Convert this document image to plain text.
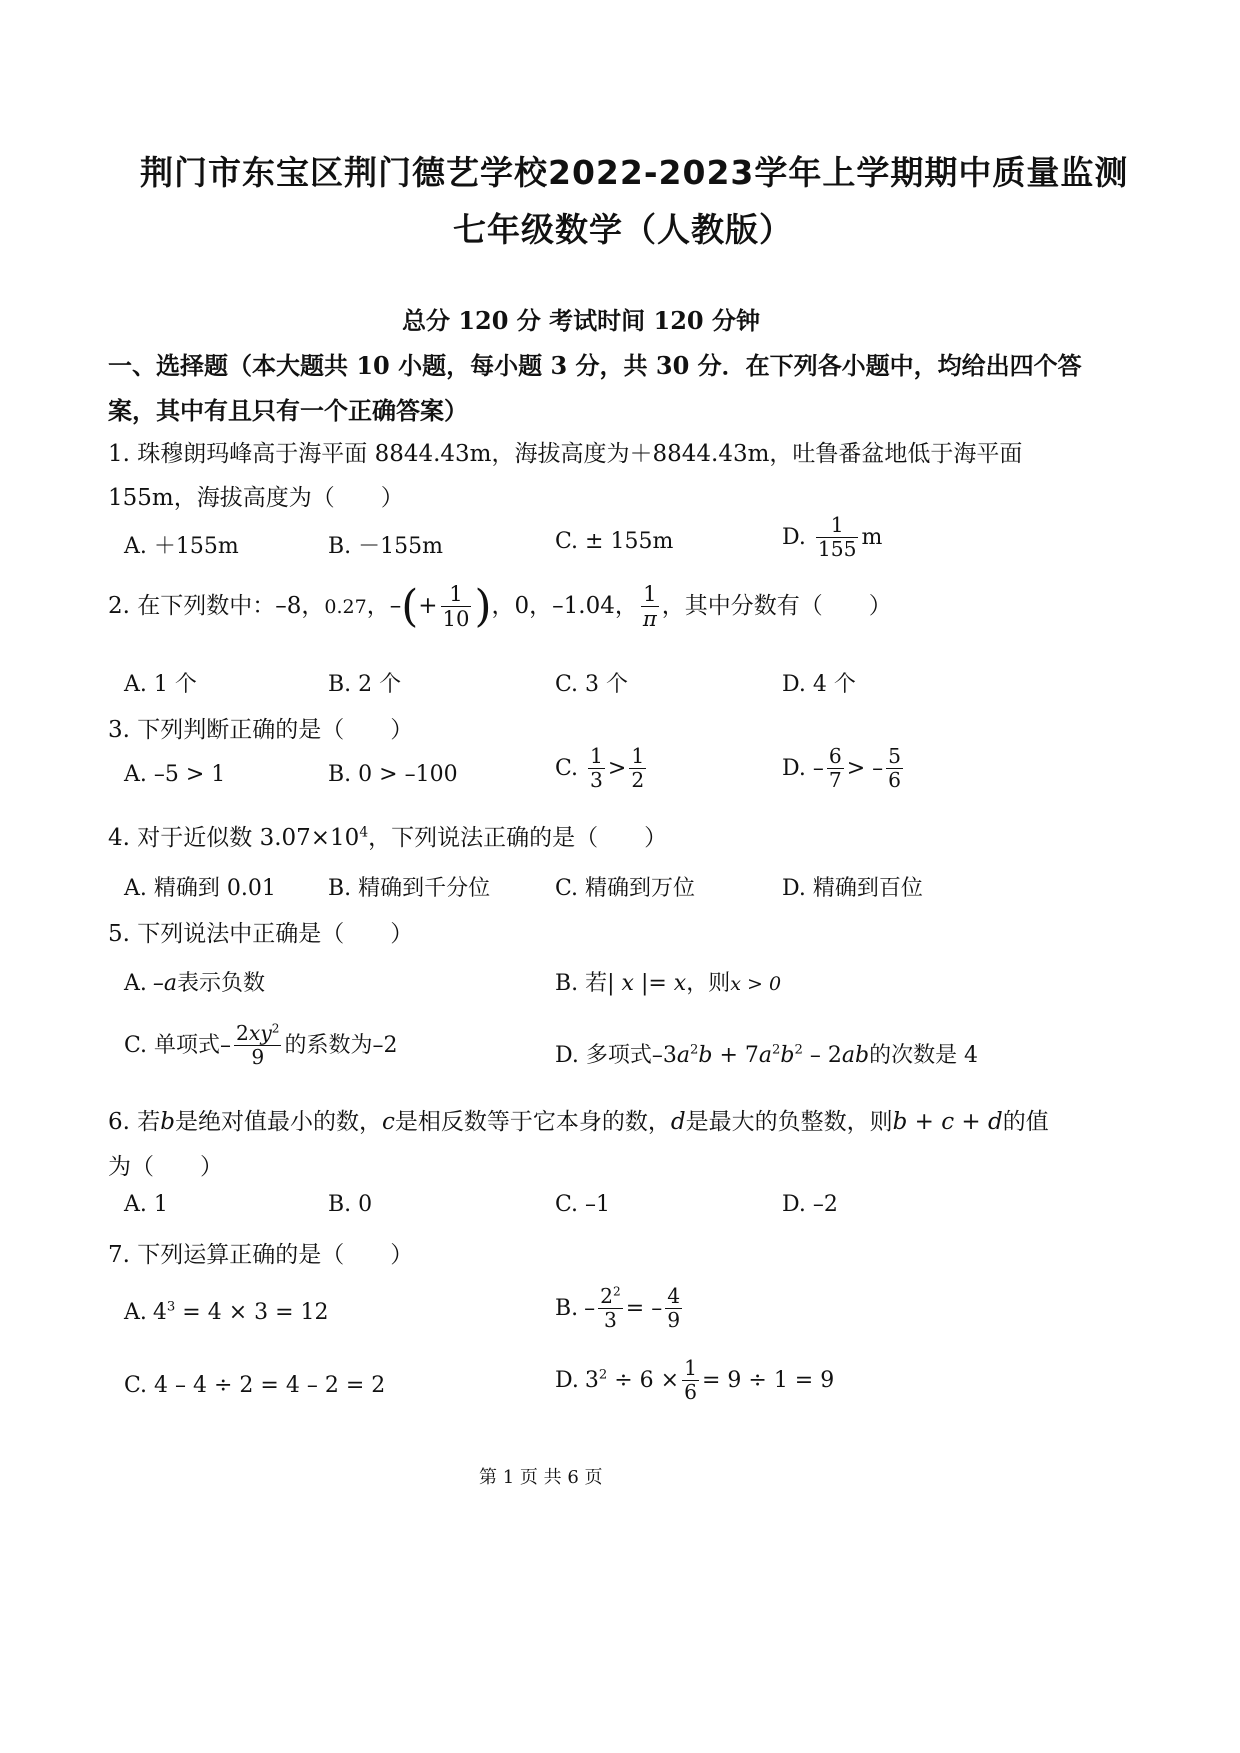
荆门市东宝区荆门德艺学校2022-2023学年上学期期中质量监测
七年级数学（人教版）
总分 120 分 考试时间 120 分钟
一、选择题（本大题共 10 小题，每小题 3 分，共 30 分．在下列各小题中，均给出四个答
案，其中有且只有一个正确答案）
1. 珠穆朗玛峰高于海平面 8844.43m，海拔高度为＋8844.43m，吐鲁番盆地低于海平面
155m，海拔高度为（　　）
A. ＋155m	B. －155m	C. ± 155m	D. $\frac{1}{155}$ m
2. 在下列数中：–8，0.27，–(+ $\frac{1}{10}$ )，0，–1.04， $\frac{1}{\pi}$ ，其中分数有（　　）
A. 1 个	B. 2 个	C. 3 个	D. 4 个
3. 下列判断正确的是（　　）
A. –5 > 1	B. 0 > –100	C. $\frac{1}{3} > \frac{1}{2}$	D. – $\frac{6}{7}$ > – $\frac{5}{6}$
4. 对于近似数 $3.07\times 10^4$，下列说法正确的是（　　）
A. 精确到 0.01 B. 精确到千分位	C. 精确到万位	D. 精确到百位
5. 下列说法中正确是（　　）
A. –a表示负数	B. 若| x |= x，则x > 0
C. 单项式– $\frac{2xy^2}{9}$ 的系数为–2	D. 多项式$-3a^2b + 7a^2b^2 - 2ab$的次数是 4
6. 若b是绝对值最小的数，c是相反数等于它本身的数，d是最大的负整数，则b + c + d的值
为（　　）
A. 1	B. 0	C. –1	D. –2
7. 下列运算正确的是（　　）
A. $4^3 = 4 \times 3 = 12$	B. – $\frac{2^2}{3}$ = – $\frac{4}{9}$
C. 4 – 4 ÷ 2 = 4 – 2 = 2	D. $3^2 \div 6 \times \frac{1}{6} = 9 \div 1 = 9$
第 1 页 共 6 页
